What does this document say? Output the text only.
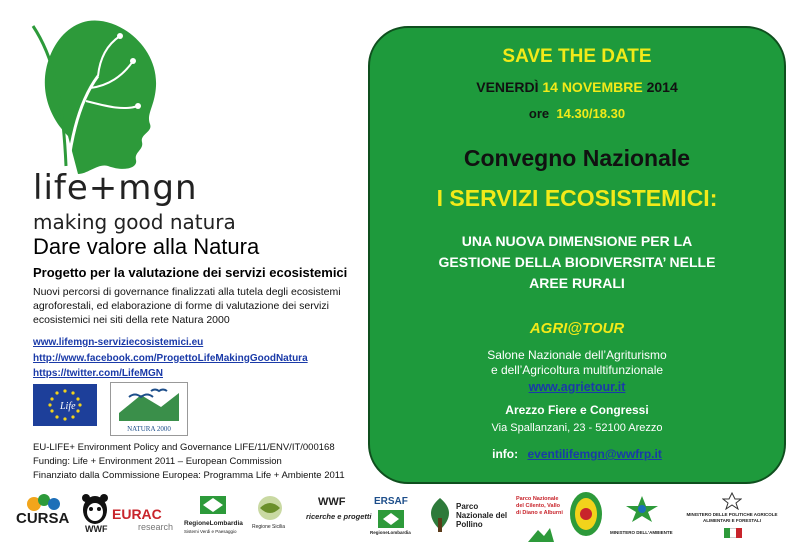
life+mgn
making good natura
Dare valore alla Natura
Progetto per la valutazione dei servizi ecosistemici
Nuovi percorsi di governance finalizzati alla tutela degli ecosistemi agroforestali, ed elaborazione di forme di valutazione dei servizi ecosistemici nei siti della rete Natura 2000
www.lifemgn-serviziecosistemici.eu
http://www.facebook.com/ProgettoLifeMakingGoodNatura
https://twitter.com/LifeMGN
Life
NATURA 2000
EU-LIFE+ Environment Policy and Governance LIFE/11/ENV/IT/000168
Funding: Life + Environment 2011 – European Commission
Finanziato dalla Commissione Europea: Programma Life + Ambiente 2011
SAVE THE DATE
VENERDÌ 14 NOVEMBRE 2014
ore 14.30/18.30
Convegno Nazionale
I SERVIZI ECOSISTEMICI:
UNA NUOVA DIMENSIONE PER LA
GESTIONE DELLA BIODIVERSITA’ NELLE
AREE RURALI
AGRI@TOUR
Salone Nazionale dell’Agriturismo
e dell’Agricoltura multifunzionale
www.agrietour.it
Arezzo Fiere e Congressi
Via Spallanzani, 23 - 52100 Arezzo
info: eventilifemgn@wwfrp.it
CURSA
WWF
EURAC
research RegioneLombardia
Sistemi Verdi e Paesaggio
Regione Sicilia
WWF
ricerche e progetti
ERSAF
RegioneLombardia
Parco Nazionale del Pollino
Parco Nazionale del Cilento, Vallo di Diano e Alburni
MINISTERO DELL'AMBIENTE
MINISTERO DELLE POLITICHE AGRICOLE ALIMENTARI E FORESTALI
